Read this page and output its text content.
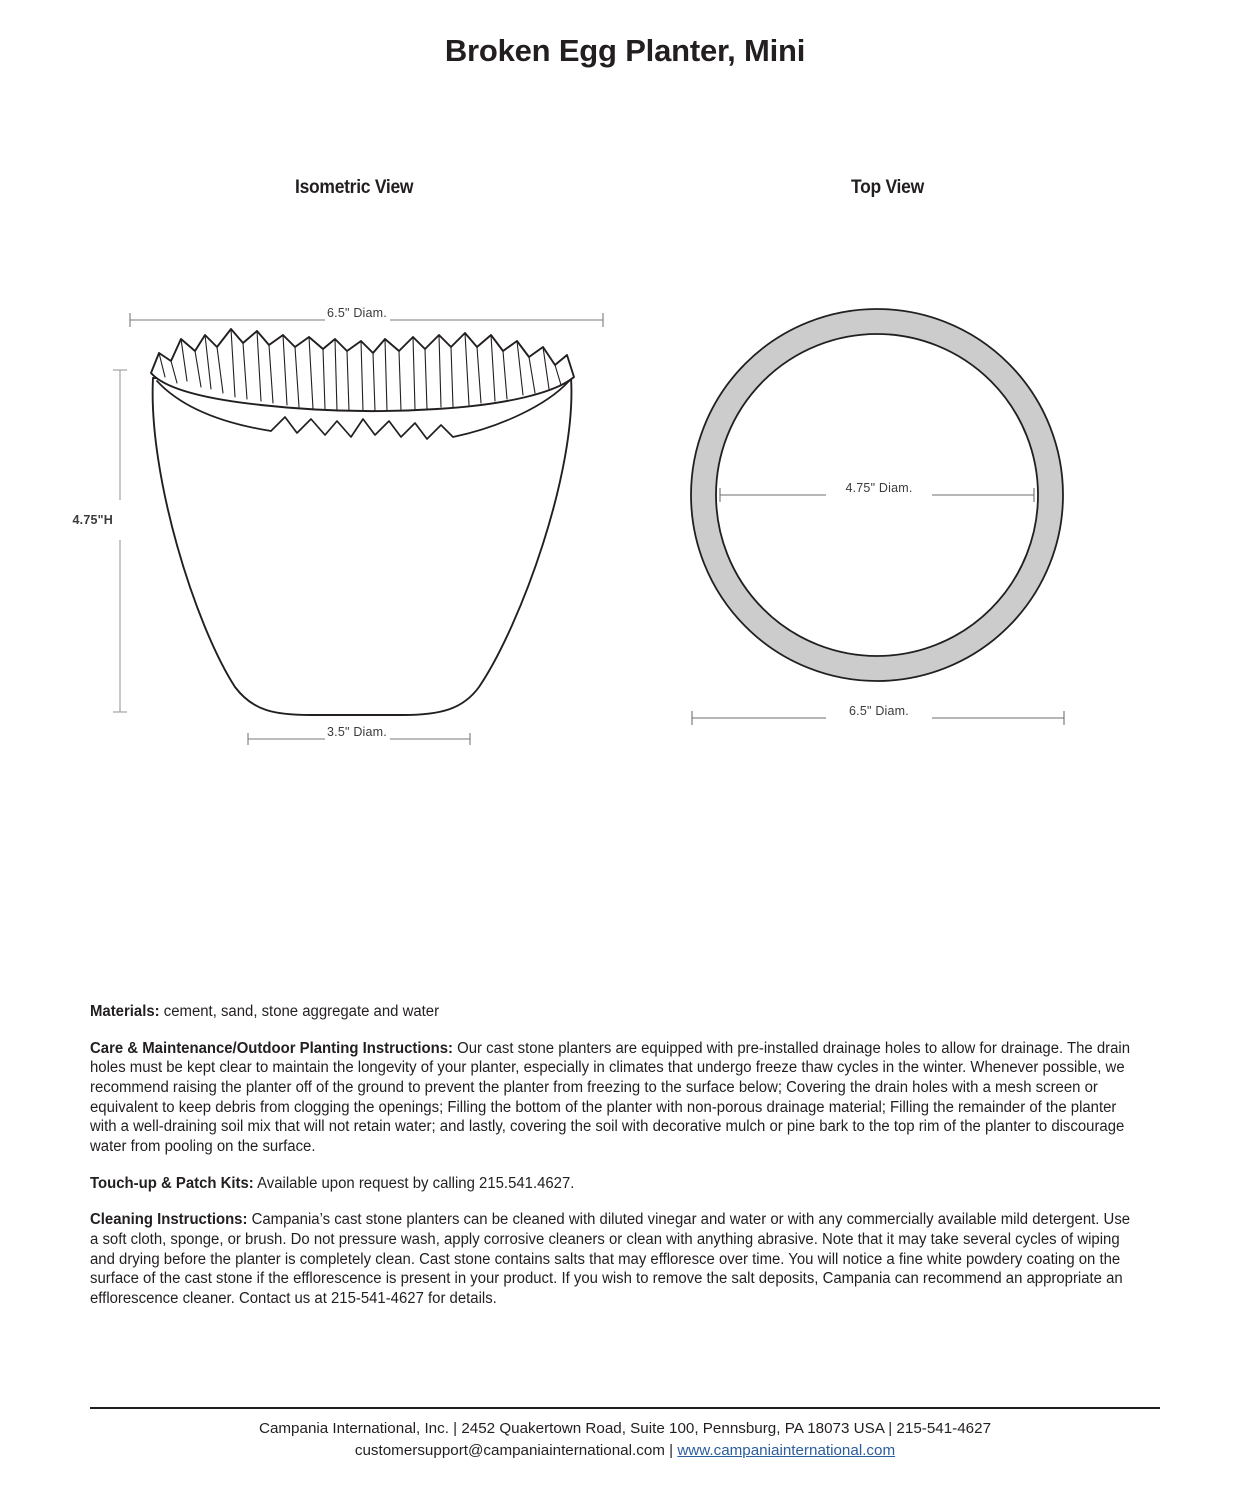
Broken Egg Planter, Mini
Isometric View	Top View
6.5" Diam.
4.75"H
3.5" Diam.
4.75" Diam.
6.5" Diam.

Materials: cement, sand, stone aggregate and water

Care & Maintenance/Outdoor Planting Instructions: Our cast stone planters are equipped with pre-installed drainage holes to allow for drainage. The drain holes must be kept clear to maintain the longevity of your planter, especially in climates that undergo freeze thaw cycles in the winter. Whenever possible, we recommend raising the planter off of the ground to prevent the planter from freezing to the surface below; Covering the drain holes with a mesh screen or equivalent to keep debris from clogging the openings; Filling the bottom of the planter with non-porous drainage material; Filling the remainder of the planter with a well-draining soil mix that will not retain water; and lastly, covering the soil with decorative mulch or pine bark to the top rim of the planter to discourage water from pooling on the surface.

Touch-up & Patch Kits: Available upon request by calling 215.541.4627.

Cleaning Instructions: Campania’s cast stone planters can be cleaned with diluted vinegar and water or with any commercially available mild detergent. Use a soft cloth, sponge, or brush. Do not pressure wash, apply corrosive cleaners or clean with anything abrasive. Note that it may take several cycles of wiping and drying before the planter is completely clean. Cast stone contains salts that may effloresce over time. You will notice a fine white powdery coating on the surface of the cast stone if the efflorescence is present in your product. If you wish to remove the salt deposits, Campania can recommend an appropriate an efflorescence cleaner. Contact us at 215-541-4627 for details.

Campania International, Inc. | 2452 Quakertown Road, Suite 100, Pennsburg, PA 18073 USA | 215-541-4627
customersupport@campaniainternational.com | www.campaniainternational.com
